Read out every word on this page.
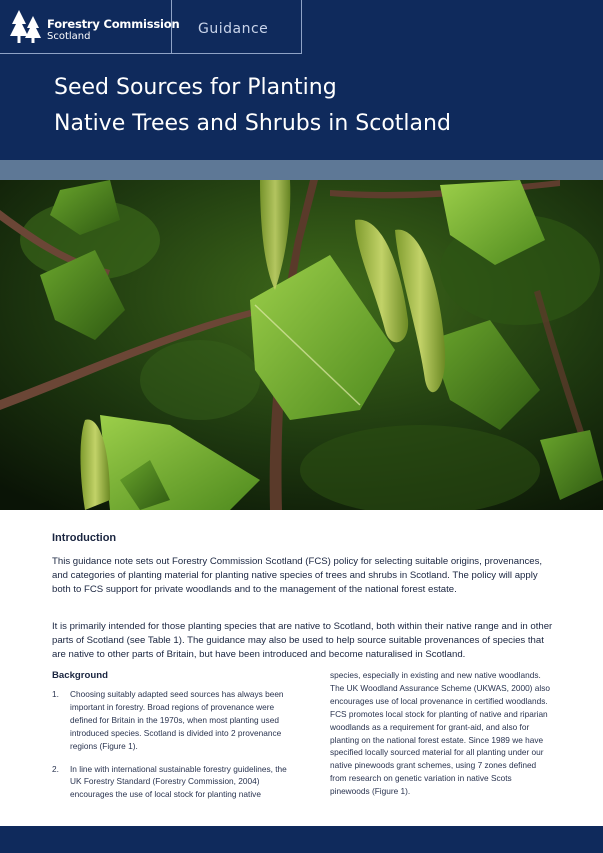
Forestry Commission
Scotland	Guidance
Seed Sources for Planting
Native Trees and Shrubs in Scotland
Introduction
This guidance note sets out Forestry Commission Scotland (FCS) policy for selecting suitable origins, provenances, and categories of planting material for planting native species of trees and shrubs in Scotland. The policy will apply both to FCS support for private woodlands and to the management of the national forest estate.
It is primarily intended for those planting species that are native to Scotland, both within their native range and in other parts of Scotland (see Table 1). The guidance may also be used to help source suitable provenances of species that are native to other parts of Britain, but have been introduced and become naturalised in Scotland.
Background
1. Choosing suitably adapted seed sources has always been important in forestry. Broad regions of provenance were defined for Britain in the 1970s, when most planting used introduced species. Scotland is divided into 2 provenance regions (Figure 1).
2. In line with international sustainable forestry guidelines, the UK Forestry Standard (Forestry Commission, 2004) encourages the use of local stock for planting native
species, especially in existing and new native woodlands. The UK Woodland Assurance Scheme (UKWAS, 2000) also encourages use of local provenance in certified woodlands. FCS promotes local stock for planting of native and riparian woodlands as a requirement for grant-aid, and also for planting on the national forest estate. Since 1989 we have specified locally sourced material for all planting under our native pinewoods grant schemes, using 7 zones defined from research on genetic variation in native Scots pinewoods (Figure 1).
